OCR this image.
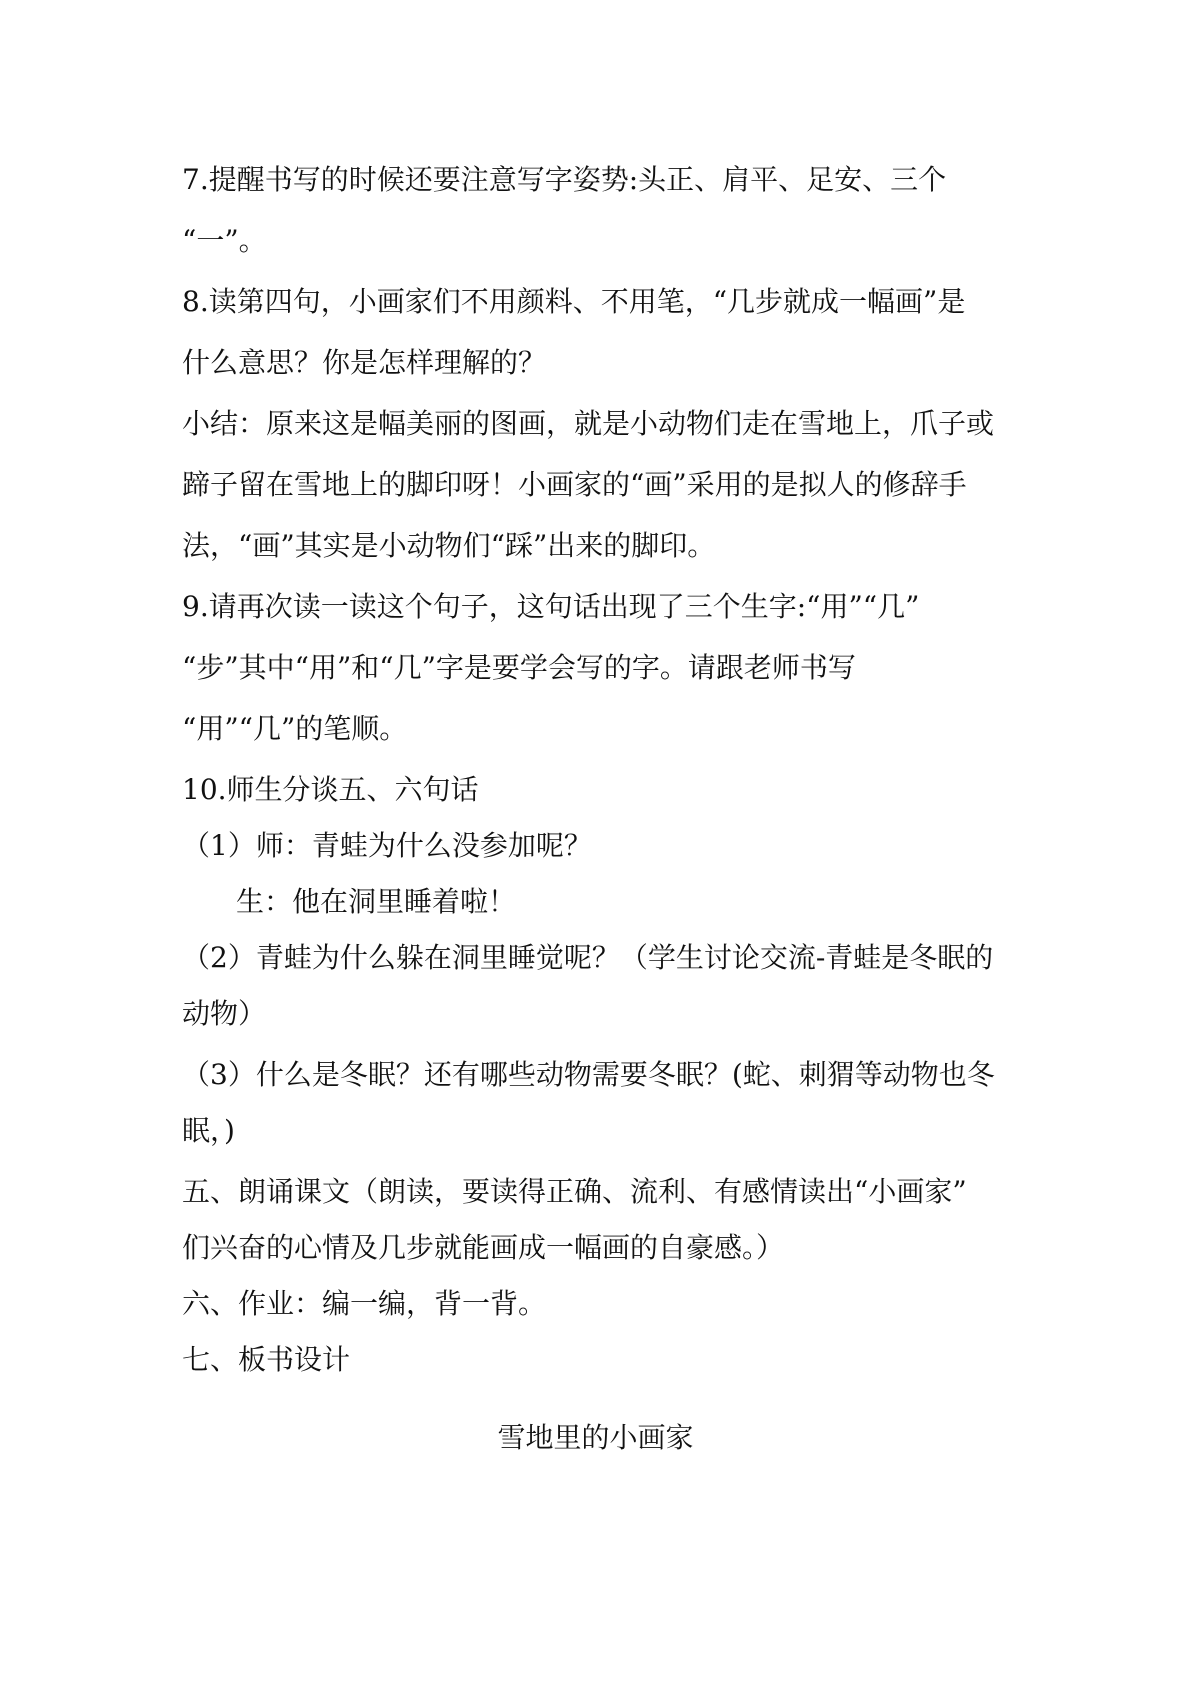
7.提醒书写的时候还要注意写字姿势:头正、肩平、足安、三个

“一”。

8.读第四句，小画家们不用颜料、不用笔，“几步就成一幅画”是

什么意思？你是怎样理解的？

小结：原来这是幅美丽的图画，就是小动物们走在雪地上，爪子或

蹄子留在雪地上的脚印呀！小画家的“画”采用的是拟人的修辞手

法，“画”其实是小动物们“踩”出来的脚印。

9.请再次读一读这个句子，这句话出现了三个生字:“用”“几”

“步”其中“用”和“几”字是要学会写的字。请跟老师书写

“用”“几”的笔顺。

10.师生分谈五、六句话

（1）师：青蛙为什么没参加呢？

生：他在洞里睡着啦！

（2）青蛙为什么躲在洞里睡觉呢？（学生讨论交流-青蛙是冬眠的

动物）

（3）什么是冬眠？还有哪些动物需要冬眠？(蛇、刺猬等动物也冬

眠，)

五、朗诵课文（朗读，要读得正确、流利、有感情读出“小画家”

们兴奋的心情及几步就能画成一幅画的自豪感。）

六、作业：编一编，背一背。

七、板书设计

雪地里的小画家
